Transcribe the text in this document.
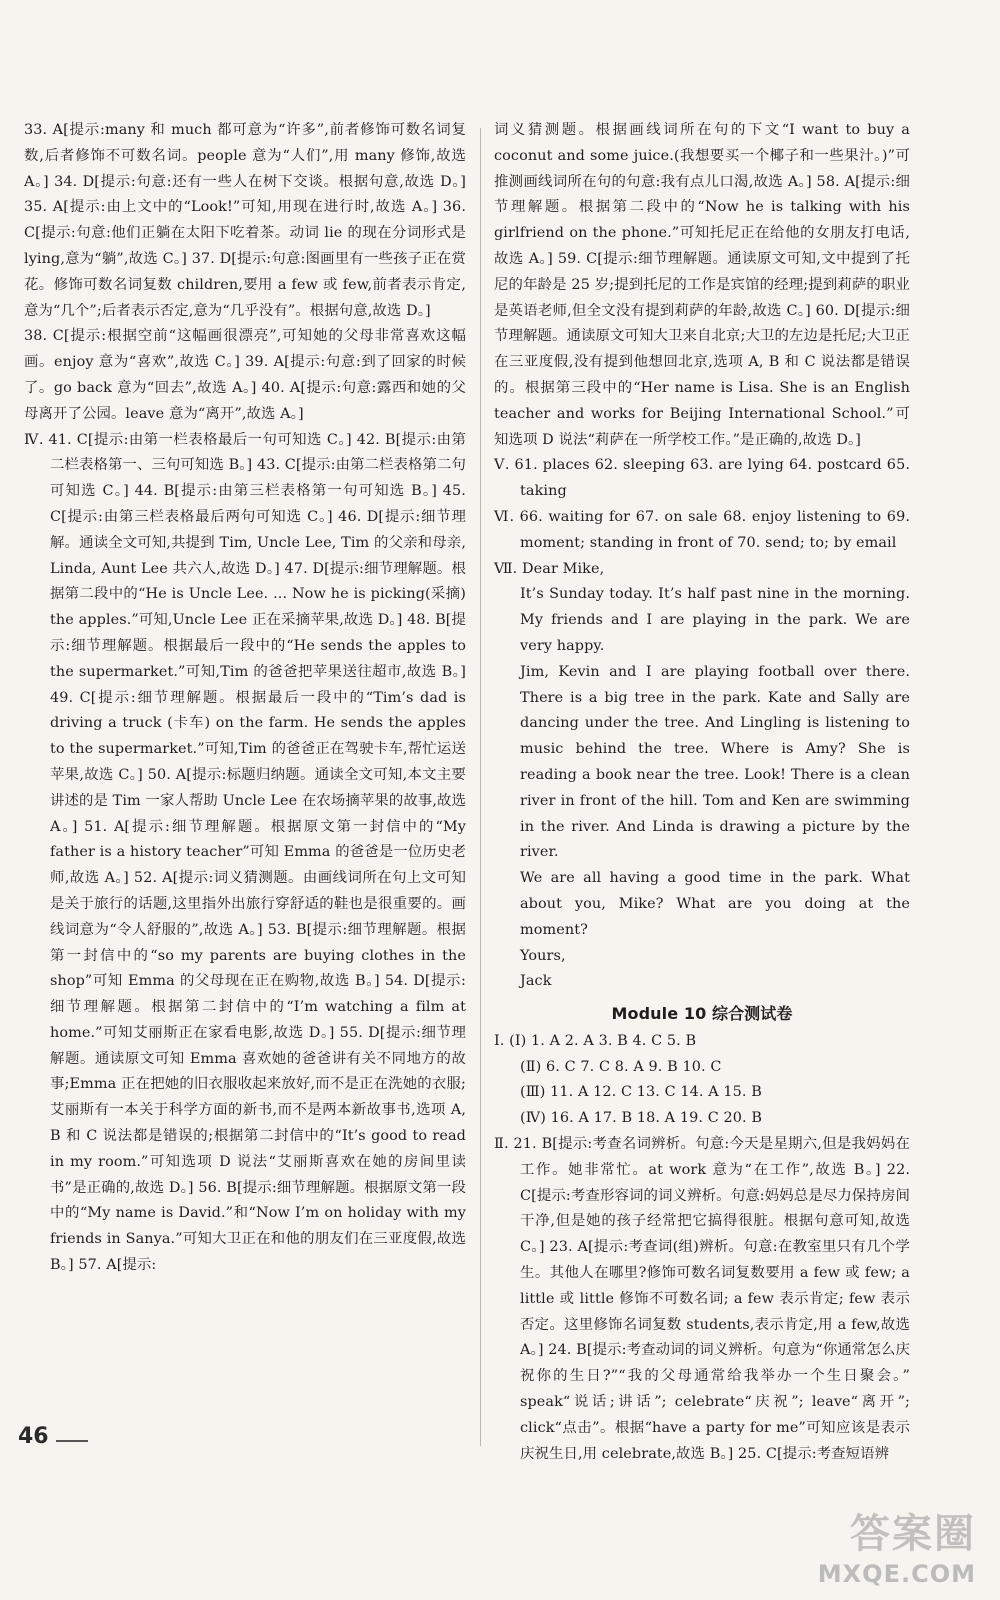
33. A[提示:many 和 much 都可意为“许多”,前者修饰可数名词复数,后者修饰不可数名词。people 意为“人们”,用 many 修饰,故选 A。] 34. D[提示:句意:还有一些人在树下交谈。根据句意,故选 D。] 35. A[提示:由上文中的“Look!”可知,用现在进行时,故选 A。] 36. C[提示:句意:他们正躺在太阳下吃着茶。动词 lie 的现在分词形式是 lying,意为“躺”,故选 C。] 37. D[提示:句意:图画里有一些孩子正在赏花。修饰可数名词复数 children,要用 a few 或 few,前者表示肯定,意为“几个”;后者表示否定,意为“几乎没有”。根据句意,故选 D。]
38. C[提示:根据空前“这幅画很漂亮”,可知她的父母非常喜欢这幅画。enjoy 意为“喜欢”,故选 C。] 39. A[提示:句意:到了回家的时候了。go back 意为“回去”,故选 A。] 40. A[提示:句意:露西和她的父母离开了公园。leave 意为“离开”,故选 A。]
Ⅳ. 41. C[提示:由第一栏表格最后一句可知选 C。] 42. B[提示:由第二栏表格第一、三句可知选 B。] 43. C[提示:由第二栏表格第二句可知选 C。] 44. B[提示:由第三栏表格第一句可知选 B。] 45. C[提示:由第三栏表格最后两句可知选 C。] 46. D[提示:细节理解。通读全文可知,共提到 Tim, Uncle Lee, Tim 的父亲和母亲, Linda, Aunt Lee 共六人,故选 D。] 47. D[提示:细节理解题。根据第二段中的“He is Uncle Lee. ... Now he is picking(采摘) the apples.”可知,Uncle Lee 正在采摘苹果,故选 D。] 48. B[提示:细节理解题。根据最后一段中的“He sends the apples to the supermarket.”可知,Tim 的爸爸把苹果送往超市,故选 B。] 49. C[提示:细节理解题。根据最后一段中的“Tim’s dad is driving a truck (卡车) on the farm. He sends the apples to the supermarket.”可知,Tim 的爸爸正在驾驶卡车,帮忙运送苹果,故选 C。] 50. A[提示:标题归纳题。通读全文可知,本文主要讲述的是 Tim 一家人帮助 Uncle Lee 在农场摘苹果的故事,故选 A。] 51. A[提示:细节理解题。根据原文第一封信中的“My father is a history teacher”可知 Emma 的爸爸是一位历史老师,故选 A。] 52. A[提示:词义猜测题。由画线词所在句上文可知是关于旅行的话题,这里指外出旅行穿舒适的鞋也是很重要的。画线词意为“令人舒服的”,故选 A。] 53. B[提示:细节理解题。根据第一封信中的“so my parents are buying clothes in the shop”可知 Emma 的父母现在正在购物,故选 B。] 54. D[提示:细节理解题。根据第二封信中的“I’m watching a film at home.”可知艾丽斯正在家看电影,故选 D。] 55. D[提示:细节理解题。通读原文可知 Emma 喜欢她的爸爸讲有关不同地方的故事;Emma 正在把她的旧衣服收起来放好,而不是正在洗她的衣服;艾丽斯有一本关于科学方面的新书,而不是两本新故事书,选项 A, B 和 C 说法都是错误的;根据第二封信中的“It’s good to read in my room.”可知选项 D 说法“艾丽斯喜欢在她的房间里读书”是正确的,故选 D。] 56. B[提示:细节理解题。根据原文第一段中的“My name is David.”和“Now I’m on holiday with my friends in Sanya.”可知大卫正在和他的朋友们在三亚度假,故选 B。] 57. A[提示:
词义猜测题。根据画线词所在句的下文“I want to buy a coconut and some juice.(我想要买一个椰子和一些果汁。)”可推测画线词所在句的句意:我有点儿口渴,故选 A。] 58. A[提示:细节理解题。根据第二段中的“Now he is talking with his girlfriend on the phone.”可知托尼正在给他的女朋友打电话,故选 A。] 59. C[提示:细节理解题。通读原文可知,文中提到了托尼的年龄是 25 岁;提到托尼的工作是宾馆的经理;提到莉萨的职业是英语老师,但全文没有提到莉萨的年龄,故选 C。] 60. D[提示:细节理解题。通读原文可知大卫来自北京;大卫的左边是托尼;大卫正在三亚度假,没有提到他想回北京,选项 A, B 和 C 说法都是错误的。根据第三段中的“Her name is Lisa. She is an English teacher and works for Beijing International School.”可知选项 D 说法“莉萨在一所学校工作。”是正确的,故选 D。]
Ⅴ. 61. places 62. sleeping 63. are lying 64. postcard 65. taking
Ⅵ. 66. waiting for 67. on sale 68. enjoy listening to 69. moment; standing in front of 70. send; to; by email
Ⅶ. Dear Mike,
It’s Sunday today. It’s half past nine in the morning. My friends and I are playing in the park. We are very happy.
Jim, Kevin and I are playing football over there. There is a big tree in the park. Kate and Sally are dancing under the tree. And Lingling is listening to music behind the tree. Where is Amy? She is reading a book near the tree. Look! There is a clean river in front of the hill. Tom and Ken are swimming in the river. And Linda is drawing a picture by the river.
We are all having a good time in the park. What about you, Mike? What are you doing at the moment?
Yours,
Jack
Module 10 综合测试卷
Ⅰ. (Ⅰ) 1. A 2. A 3. B 4. C 5. B
(Ⅱ) 6. C 7. C 8. A 9. B 10. C
(Ⅲ) 11. A 12. C 13. C 14. A 15. B
(Ⅳ) 16. A 17. B 18. A 19. C 20. B
Ⅱ. 21. B[提示:考查名词辨析。句意:今天是星期六,但是我妈妈在工作。她非常忙。at work 意为“在工作”,故选 B。] 22. C[提示:考查形容词的词义辨析。句意:妈妈总是尽力保持房间干净,但是她的孩子经常把它搞得很脏。根据句意可知,故选 C。] 23. A[提示:考查词(组)辨析。句意:在教室里只有几个学生。其他人在哪里?修饰可数名词复数要用 a few 或 few; a little 或 little 修饰不可数名词; a few 表示肯定; few 表示否定。这里修饰名词复数 students,表示肯定,用 a few,故选 A。] 24. B[提示:考查动词的词义辨析。句意为“你通常怎么庆祝你的生日?”“我的父母通常给我举办一个生日聚会。” speak“说话;讲话”; celebrate“庆祝”; leave“离开”; click“点击”。根据“have a party for me”可知应该是表示庆祝生日,用 celebrate,故选 B。] 25. C[提示:考查短语辨
46
答案圈
MXQE.COM
